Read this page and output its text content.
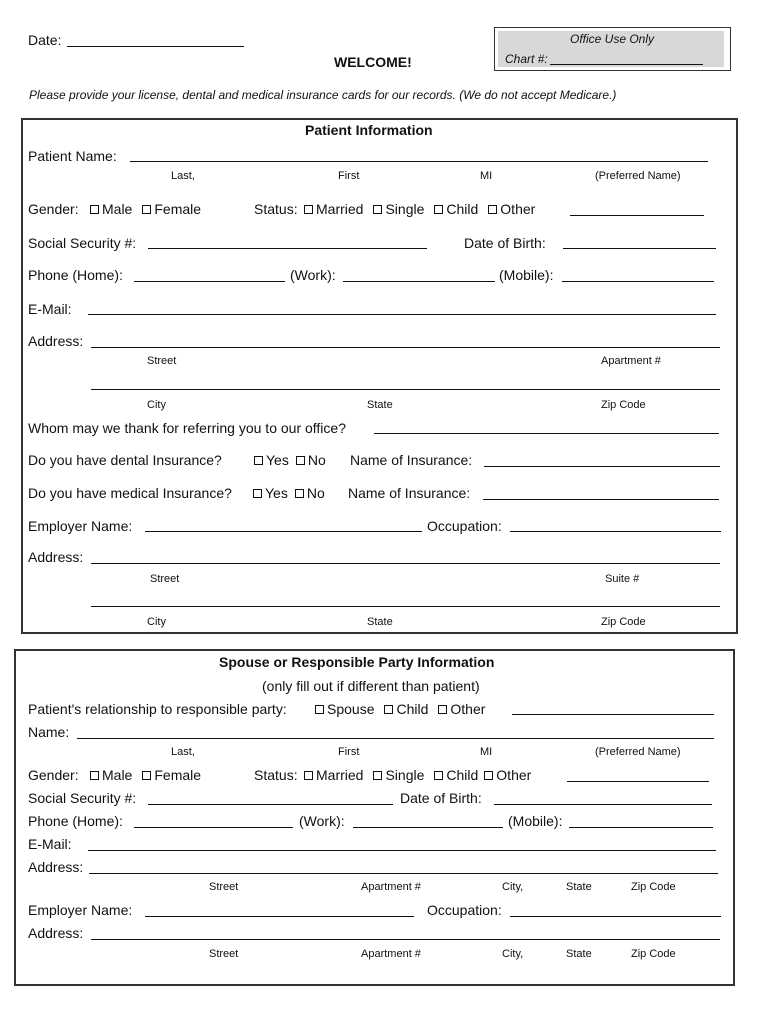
Date:
WELCOME!
Office Use Only
Chart #:
Please provide your license, dental and medical insurance cards for our records. (We do not accept Medicare.)
Patient Information
Patient Name:
Last,	First	MI	(Preferred Name)
Gender:	Male Female	Status:	Married Single Child Other
Social Security #:	Date of Birth:
Phone (Home):	(Work):	(Mobile):
E-Mail:
Address:
Street	Apartment #
City	State	Zip Code
Whom may we thank for referring you to our office?
Do you have dental Insurance?	Yes No Name of Insurance:
Do you have medical Insurance?	Yes No Name of Insurance:
Employer Name:	Occupation:
Address:
Street	Suite #
City	State	Zip Code
Spouse or Responsible Party Information
(only fill out if different than patient)
Patient's relationship to responsible party:	Spouse Child Other
Name:
Last,	First	MI	(Preferred Name)
Gender:	Male Female	Status:	Married Single Child Other
Social Security #:	Date of Birth:
Phone (Home):	(Work):	(Mobile):
E-Mail:
Address:
Street	Apartment #	City,	State	Zip Code
Employer Name:	Occupation:
Address:
Street	Apartment #	City,	State	Zip Code
